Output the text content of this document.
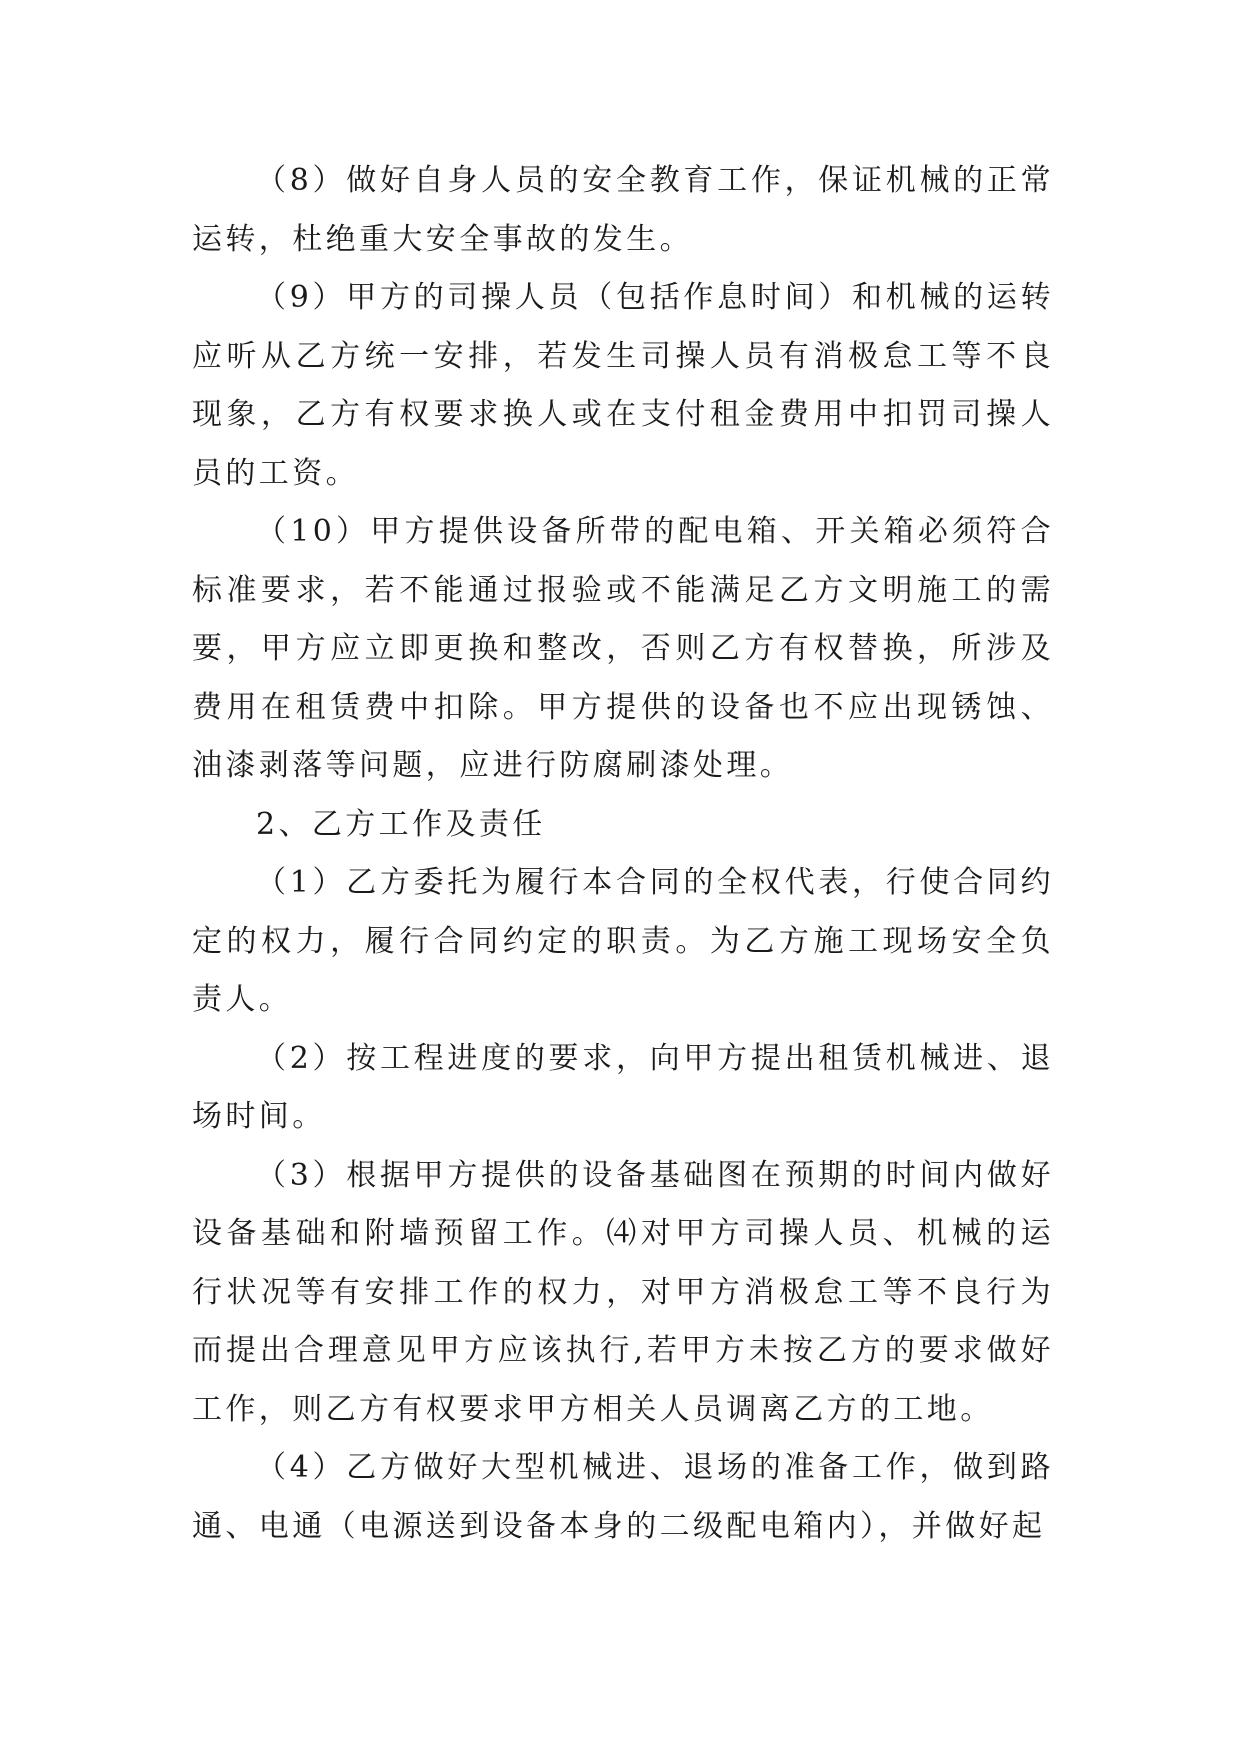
（8）做好自身人员的安全教育工作，保证机械的正常运转，杜绝重大安全事故的发生。

（9）甲方的司操人员（包括作息时间）和机械的运转应听从乙方统一安排，若发生司操人员有消极怠工等不良现象，乙方有权要求换人或在支付租金费用中扣罚司操人员的工资。

（10）甲方提供设备所带的配电箱、开关箱必须符合标准要求，若不能通过报验或不能满足乙方文明施工的需要，甲方应立即更换和整改，否则乙方有权替换，所涉及费用在租赁费中扣除。甲方提供的设备也不应出现锈蚀、油漆剥落等问题，应进行防腐刷漆处理。

2、乙方工作及责任

（1）乙方委托为履行本合同的全权代表，行使合同约定的权力，履行合同约定的职责。为乙方施工现场安全负责人。

（2）按工程进度的要求，向甲方提出租赁机械进、退场时间。

（3）根据甲方提供的设备基础图在预期的时间内做好设备基础和附墙预留工作。⑷对甲方司操人员、机械的运行状况等有安排工作的权力，对甲方消极怠工等不良行为而提出合理意见甲方应该执行,若甲方未按乙方的要求做好工作，则乙方有权要求甲方相关人员调离乙方的工地。

（4）乙方做好大型机械进、退场的准备工作，做到路通、电通（电源送到设备本身的二级配电箱内），并做好起
